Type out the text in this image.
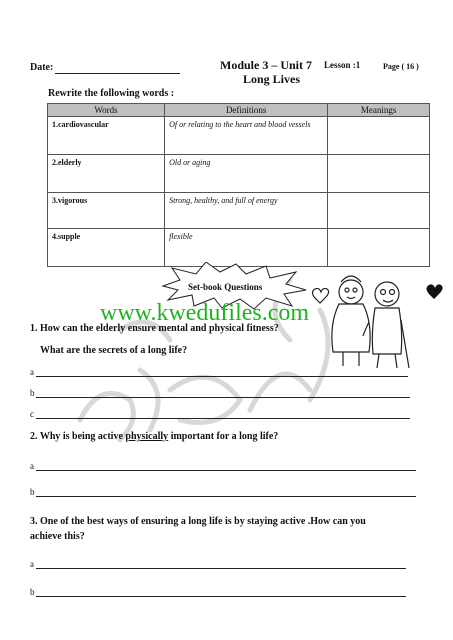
Date:	Module 3 – Unit 7 Lesson :1	Page ( 16 )
Long Lives
Rewrite the following words :
Words	Definitions	Meanings
1.cardiovascular	Of or relating to the heart and blood vessels	
2.elderly	Old or aging	
3.vigorous	Strong, healthy, and full of energy	
4.supple	flexible	
Set-book Questions
www.kwedufiles.com
1. How can the elderly ensure mental and physical fitness?
What are the secrets of a long life?
a
b
c
2. Why is being active physically important for a long life?
a
b
3. One of the best ways of ensuring a long life is by staying active .How can you
achieve this?
a
b
